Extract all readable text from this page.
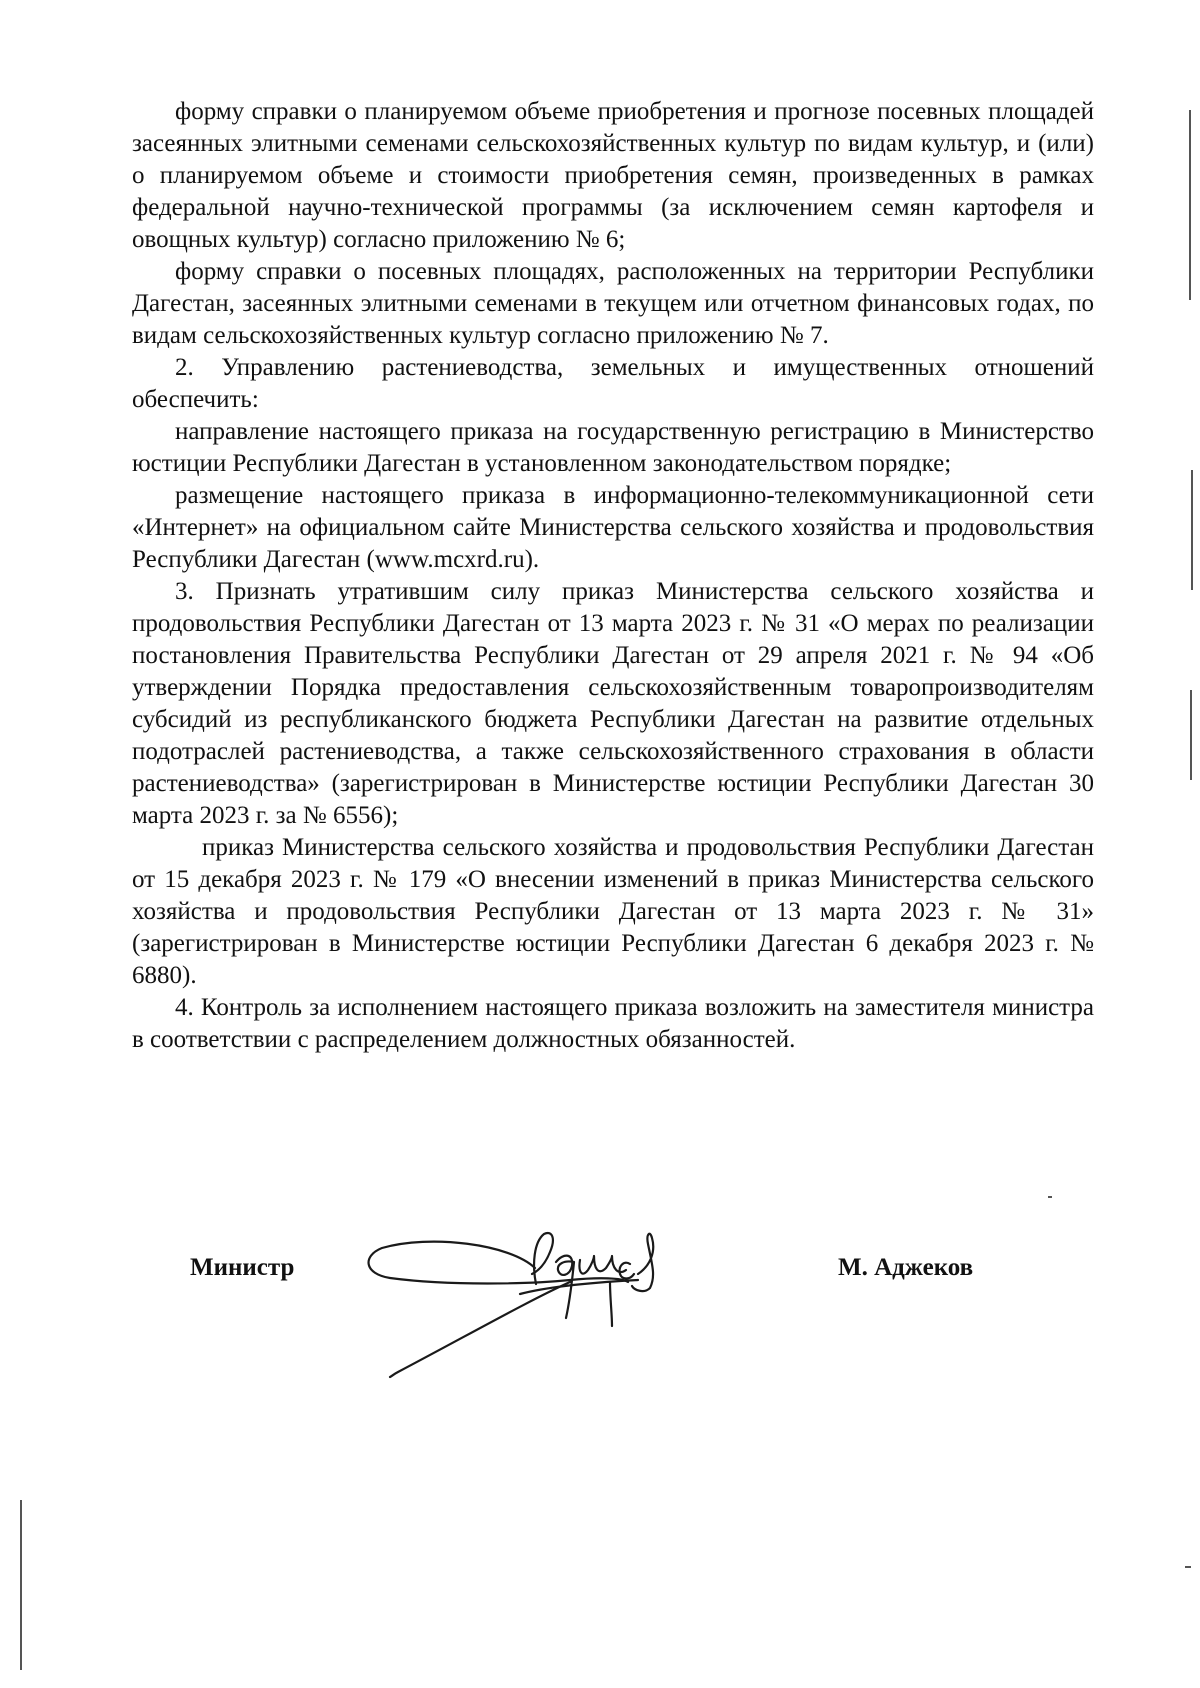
форму справки о планируемом объеме приобретения и прогнозе посевных площадей засеянных элитными семенами сельскохозяйственных культур по видам культур, и (или) о планируемом объеме и стоимости приобретения семян, произведенных в рамках федеральной научно-технической программы (за исключением семян картофеля и овощных культур) согласно приложению № 6;

форму справки о посевных площадях, расположенных на территории Республики Дагестан, засеянных элитными семенами в текущем или отчетном финансовых годах, по видам сельскохозяйственных культур согласно приложению № 7.

2. Управлению растениеводства, земельных и имущественных отношений обеспечить:

направление настоящего приказа на государственную регистрацию в Министерство юстиции Республики Дагестан в установленном законодательством порядке;

размещение настоящего приказа в информационно-телекоммуникационной сети «Интернет» на официальном сайте Министерства сельского хозяйства и продовольствия Республики Дагестан (www.mcxrd.ru).

3. Признать утратившим силу приказ Министерства сельского хозяйства и продовольствия Республики Дагестан от 13 марта 2023 г. № 31 «О мерах по реализации постановления Правительства Республики Дагестан от 29 апреля 2021 г. № 94 «Об утверждении Порядка предоставления сельскохозяйственным товаропроизводителям субсидий из республиканского бюджета Республики Дагестан на развитие отдельных подотраслей растениеводства, а также сельскохозяйственного страхования в области растениеводства» (зарегистрирован в Министерстве юстиции Республики Дагестан 30 марта 2023 г. за № 6556);

приказ Министерства сельского хозяйства и продовольствия Республики Дагестан от 15 декабря 2023 г. № 179 «О внесении изменений в приказ Министерства сельского хозяйства и продовольствия Республики Дагестан от 13 марта 2023 г. № 31» (зарегистрирован в Министерстве юстиции Республики Дагестан 6 декабря 2023 г. № 6880).

4. Контроль за исполнением настоящего приказа возложить на заместителя министра в соответствии с распределением должностных обязанностей.

Министр	М. Аджеков
